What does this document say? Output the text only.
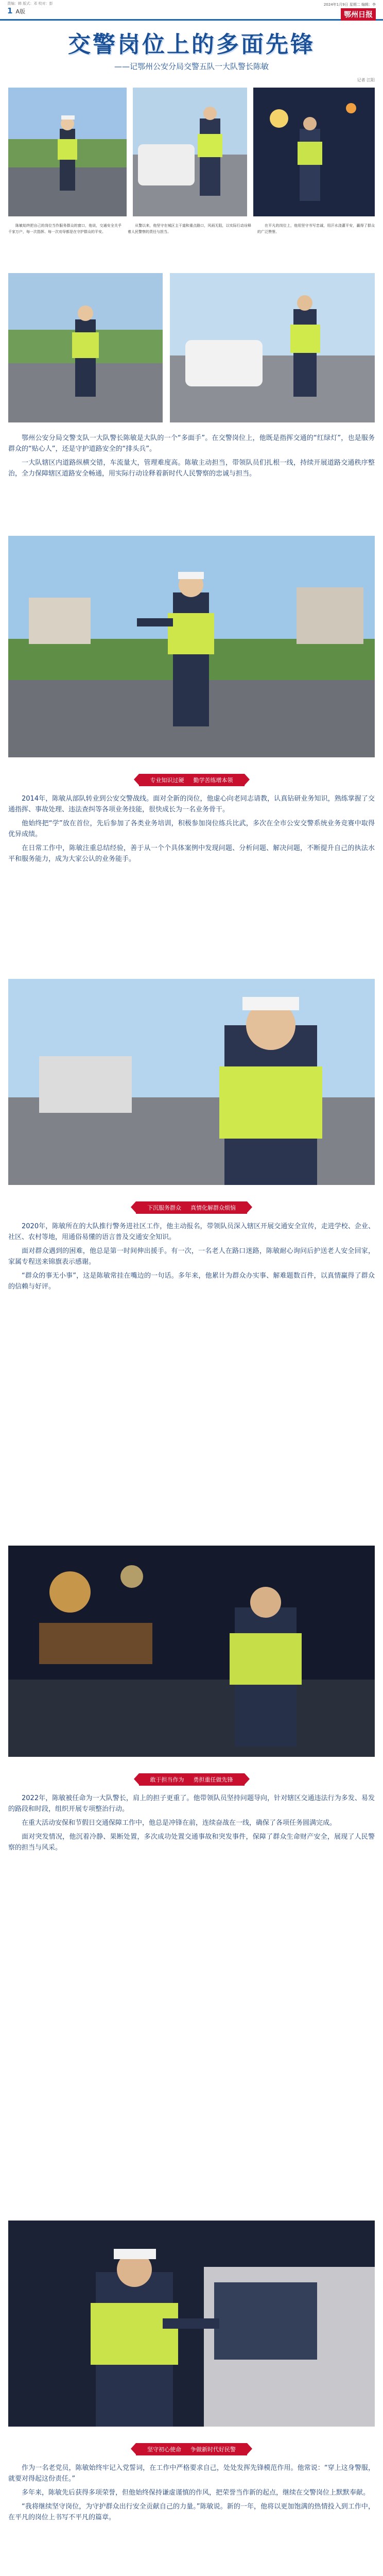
责编：韩 版式：邓 校对：彭
1 A版
2024年1月9日 星期二 编辑：李
鄂州日报
交警岗位上的多面先锋
——记鄂州公安分局交警五队一大队警长陈敏
记者 江阳

陈敏始终把自己的岗位当作服务群众的窗口，他说，交通安全关乎千家万户，每一次指挥、每一次劝导都是在守护群众的平安。

从警以来，他坚守在城区主干道和重点路口，风雨无阻，以实际行动诠释着人民警察的责任与担当。

在平凡的岗位上，他用坚守书写忠诚，用汗水浇灌平安，赢得了群众的广泛赞誉。

鄂州公安分局交警支队一大队警长陈敏是大队的一个“多面手”。在交警岗位上，他既是指挥交通的“红绿灯”，也是服务群众的“贴心人”，还是守护道路安全的“排头兵”。

一大队辖区内道路纵横交错，车流量大，管理难度高。陈敏主动担当，带领队员们扎根一线，持续开展道路交通秩序整治，全力保障辖区道路安全畅通，用实际行动诠释着新时代人民警察的忠诚与担当。

专业知识过硬 勤学苦练增本领

2014年，陈敏从部队转业到公安交警战线。面对全新的岗位，他虚心向老同志请教，认真钻研业务知识，熟练掌握了交通指挥、事故处理、违法查纠等各项业务技能，很快成长为一名业务骨干。

他始终把“学”放在首位，先后参加了各类业务培训，积极参加岗位练兵比武，多次在全市公安交警系统业务竞赛中取得优异成绩。

在日常工作中，陈敏注重总结经验，善于从一个个具体案例中发现问题、分析问题、解决问题，不断提升自己的执法水平和服务能力，成为大家公认的业务能手。

下沉服务群众 真情化解群众烦恼

2020年，陈敏所在的大队推行警务进社区工作，他主动报名，带领队员深入辖区开展交通安全宣传，走进学校、企业、社区、农村等地，用通俗易懂的语言普及交通安全知识。

面对群众遇到的困难，他总是第一时间伸出援手。有一次，一名老人在路口迷路，陈敏耐心询问后护送老人安全回家，家属专程送来锦旗表示感谢。

“群众的事无小事”，这是陈敏常挂在嘴边的一句话。多年来，他累计为群众办实事、解难题数百件，以真情赢得了群众的信赖与好评。

敢于担当作为 勇担重任做先锋

2022年，陈敏被任命为一大队警长，肩上的担子更重了。他带领队员坚持问题导向，针对辖区交通违法行为多发、易发的路段和时段，组织开展专项整治行动。

在重大活动安保和节假日交通保障工作中，他总是冲锋在前，连续奋战在一线，确保了各项任务圆满完成。

面对突发情况，他沉着冷静、果断处置，多次成功处置交通事故和突发事件，保障了群众生命财产安全，展现了人民警察的担当与风采。

坚守初心使命 争做新时代好民警

作为一名老党员，陈敏始终牢记入党誓词，在工作中严格要求自己，处处发挥先锋模范作用。他常说：“穿上这身警服，就要对得起这份责任。”

多年来，陈敏先后获得多项荣誉，但他始终保持谦虚谨慎的作风，把荣誉当作新的起点，继续在交警岗位上默默奉献。

“我将继续坚守岗位，为守护群众出行安全贡献自己的力量。”陈敏说。新的一年，他将以更加饱满的热情投入到工作中，在平凡的岗位上书写不平凡的篇章。
